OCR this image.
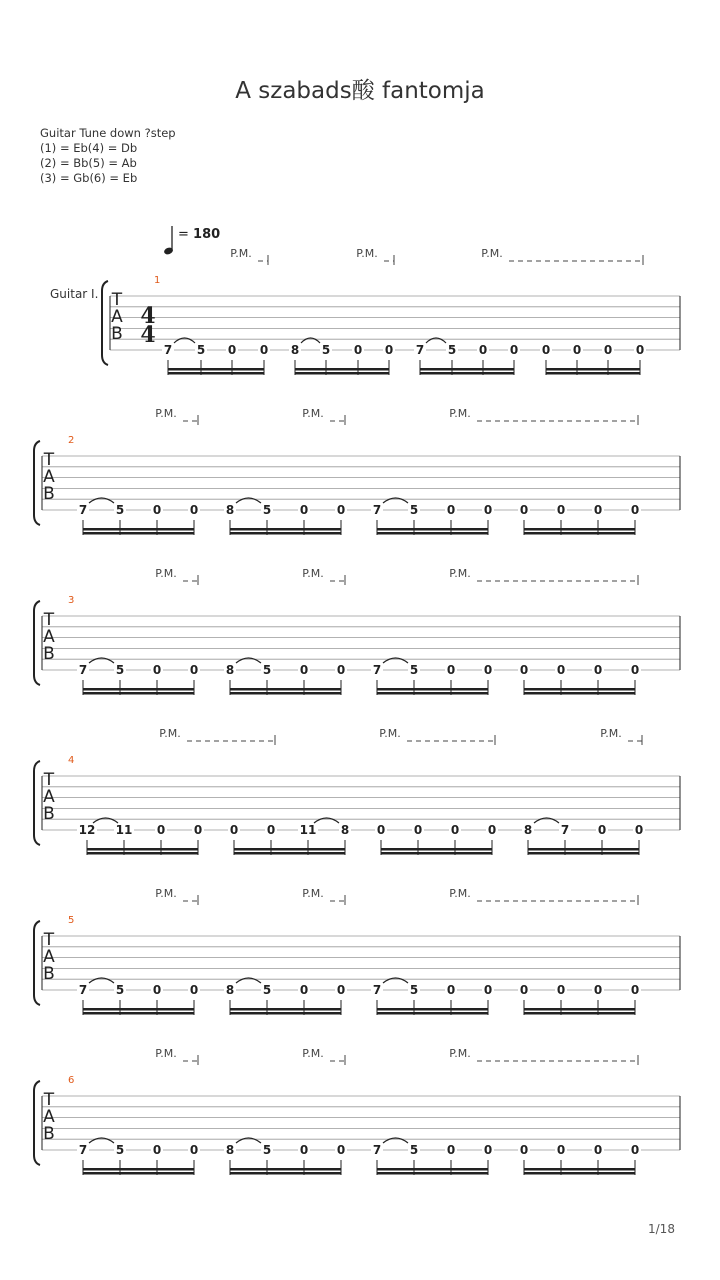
A szabads酸 fantomja
Guitar Tune down ?step
(1) = Eb(4) = Db
(2) = Bb(5) = Ab
(3) = Gb(6) = Eb
= 180
Guitar I. T
A
B
4
4
1
P.M.	P.M.	P.M.
7 5 0 0 8 5 0 0 7 5 0 0 0 0 0 0
T
A
B
2
P.M.	P.M.	P.M.
7 5 0 0 8 5 0 0 7 5 0 0 0 0 0 0
T
A
B
3
P.M.	P.M.	P.M.
7 5 0 0 8 5 0 0 7 5 0 0 0 0 0 0
T
A
B
4
P.M.	P.M.	P.M.
12 11 0 0 0 0 11 8 0 0 0 0 8 7 0 0
T
A
B
5
P.M.	P.M.	P.M.
7 5 0 0 8 5 0 0 7 5 0 0 0 0 0 0
T
A
B
6
P.M.	P.M.	P.M.
7 5 0 0 8 5 0 0 7 5 0 0 0 0 0 0
1/18
